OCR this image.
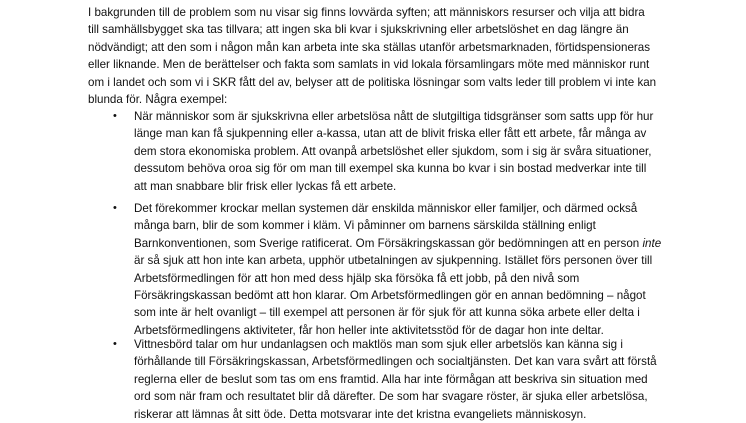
I bakgrunden till de problem som nu visar sig finns lovvärda syften; att människors resurser och vilja att bidra
till samhällsbygget ska tas tillvara; att ingen ska bli kvar i sjukskrivning eller arbetslöshet en dag längre än
nödvändigt; att den som i någon mån kan arbeta inte ska ställas utanför arbetsmarknaden, förtidspensioneras
eller liknande. Men de berättelser och fakta som samlats in vid lokala församlingars möte med människor runt
om i landet och som vi i SKR fått del av, belyser att de politiska lösningar som valts leder till problem vi inte kan
blunda för. Några exempel:

• När människor som är sjukskrivna eller arbetslösa nått de slutgiltiga tidsgränser som satts upp för hur
länge man kan få sjukpenning eller a-kassa, utan att de blivit friska eller fått ett arbete, får många av
dem stora ekonomiska problem. Att ovanpå arbetslöshet eller sjukdom, som i sig är svåra situationer,
dessutom behöva oroa sig för om man till exempel ska kunna bo kvar i sin bostad medverkar inte till
att man snabbare blir frisk eller lyckas få ett arbete.

• Det förekommer krockar mellan systemen där enskilda människor eller familjer, och därmed också
många barn, blir de som kommer i kläm. Vi påminner om barnens särskilda ställning enligt
Barnkonventionen, som Sverige ratificerat. Om Försäkringskassan gör bedömningen att en person inte
är så sjuk att hon inte kan arbeta, upphör utbetalningen av sjukpenning. Istället förs personen över till
Arbetsförmedlingen för att hon med dess hjälp ska försöka få ett jobb, på den nivå som
Försäkringskassan bedömt att hon klarar. Om Arbetsförmedlingen gör en annan bedömning – något
som inte är helt ovanligt – till exempel att personen är för sjuk för att kunna söka arbete eller delta i
Arbetsförmedlingens aktiviteter, får hon heller inte aktivitetsstöd för de dagar hon inte deltar.

• Vittnesbörd talar om hur undanlagsen och maktlös man som sjuk eller arbetslös kan känna sig i
förhållande till Försäkringskassan, Arbetsförmedlingen och socialtjänsten. Det kan vara svårt att förstå
reglerna eller de beslut som tas om ens framtid. Alla har inte förmågan att beskriva sin situation med
ord som när fram och resultatet blir då därefter. De som har svagare röster, är sjuka eller arbetslösa,
riskerar att lämnas åt sitt öde. Detta motsvarar inte det kristna evangeliets människosyn.
